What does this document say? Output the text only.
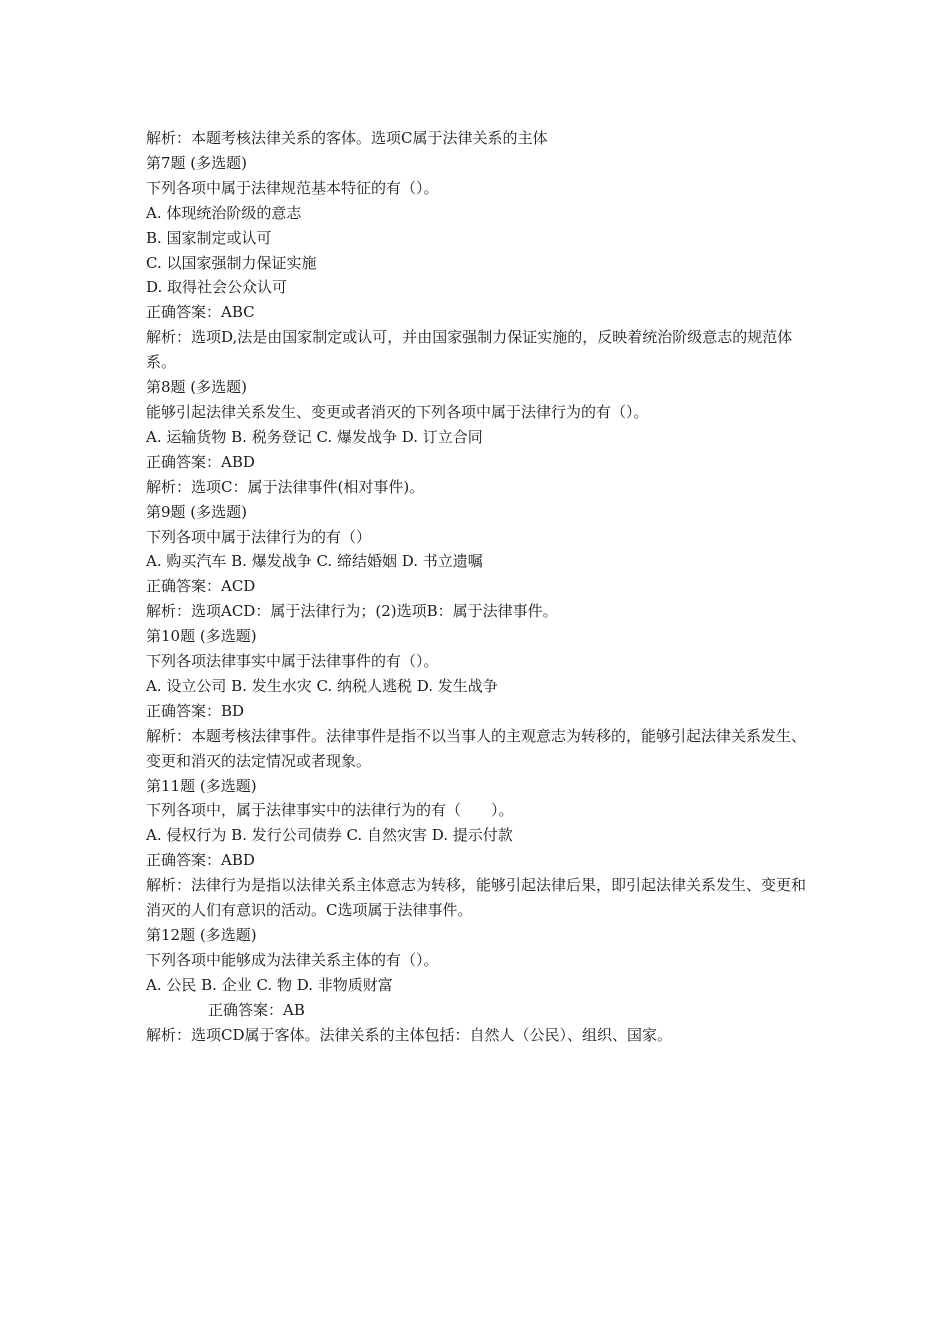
解析：本题考核法律关系的客体。选项C属于法律关系的主体

第7题 (多选题)

下列各项中属于法律规范基本特征的有（）。

A. 体现统治阶级的意志

B. 国家制定或认可

C. 以国家强制力保证实施

D. 取得社会公众认可

正确答案：ABC

解析：选项D,法是由国家制定或认可，并由国家强制力保证实施的，反映着统治阶级意志的规范体系。

第8题 (多选题)

能够引起法律关系发生、变更或者消灭的下列各项中属于法律行为的有（）。

A. 运输货物 B. 税务登记 C. 爆发战争 D. 订立合同

正确答案：ABD

解析：选项C：属于法律事件(相对事件)。

第9题 (多选题)

下列各项中属于法律行为的有（）

A. 购买汽车 B. 爆发战争 C. 缔结婚姻 D. 书立遗嘱

正确答案：ACD

解析：选项ACD：属于法律行为；(2)选项B：属于法律事件。

第10题 (多选题)

下列各项法律事实中属于法律事件的有（）。

A. 设立公司 B. 发生水灾 C. 纳税人逃税 D. 发生战争

正确答案：BD

解析：本题考核法律事件。法律事件是指不以当事人的主观意志为转移的，能够引起法律关系发生、变更和消灭的法定情况或者现象。

第11题 (多选题)

下列各项中，属于法律事实中的法律行为的有（　　）。

A. 侵权行为 B. 发行公司债券 C. 自然灾害 D. 提示付款

正确答案：ABD

解析：法律行为是指以法律关系主体意志为转移，能够引起法律后果，即引起法律关系发生、变更和消灭的人们有意识的活动。C选项属于法律事件。

第12题 (多选题)

下列各项中能够成为法律关系主体的有（）。

A. 公民 B. 企业 C. 物 D. 非物质财富

正确答案：AB

解析：选项CD属于客体。法律关系的主体包括：自然人（公民）、组织、国家。
